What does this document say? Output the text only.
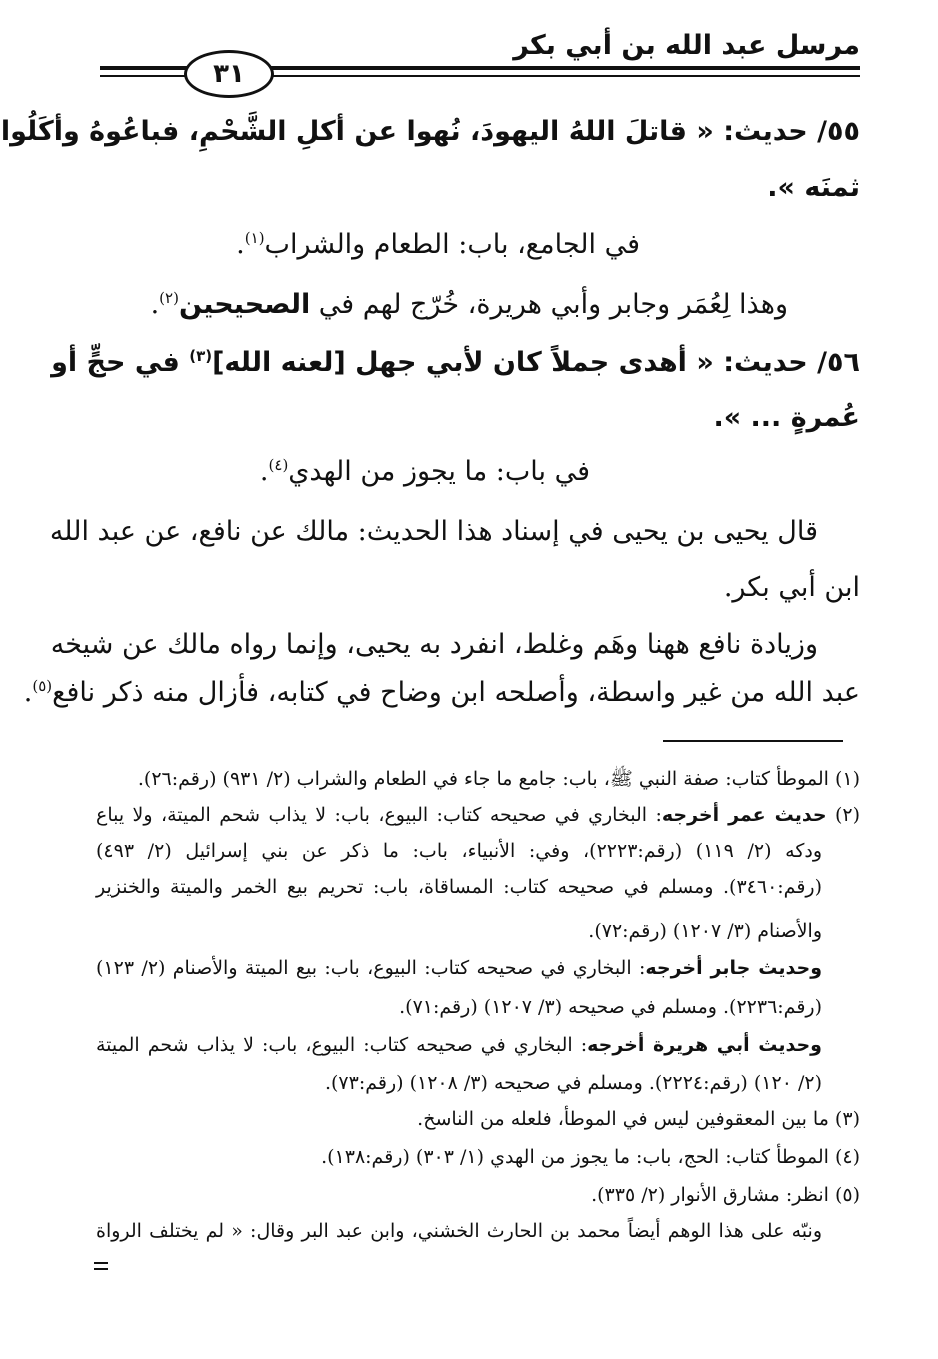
مرسل عبد الله بن أبي بكر
٣١
٥٥/ حديث: « قاتلَ اللهُ اليهودَ، نُهوا عن أكلِ الشَّحْمِ، فباعُوهُ وأكَلُوا
ثمنَه ».
في الجامع، باب: الطعام والشراب$^{(١)}$.
وهذا لِعُمَر وجابر وأبي هريرة، خُرّج لهم في الصحيحين$^{(٢)}$.
٥٦/ حديث: « أهدى جملاً كان لأبي جهل [لعنه الله]$^{(٣)}$ في حجٍّ أو
عُمرةٍ ... ».
في باب: ما يجوز من الهدي$^{(٤)}$.
قال يحيى بن يحيى في إسناد هذا الحديث: مالك عن نافع، عن عبد الله
ابن أبي بكر.
وزيادة نافع ههنا وهَم وغلط، انفرد به يحيى، وإنما رواه مالك عن شيخه
عبد الله من غير واسطة، وأصلحه ابن وضاح في كتابه، فأزال منه ذكر نافع$^{(٥)}$.
(١) الموطأ كتاب: صفة النبي ﷺ، باب: جامع ما جاء في الطعام والشراب (٢/ ٩٣١) (رقم:٢٦).
(٢) حديث عمر أخرجه: البخاري في صحيحه كتاب: البيوع، باب: لا يذاب شحم الميتة، ولا يباع
ودكه (٢/ ١١٩) (رقم:٢٢٢٣)، وفي: الأنبياء، باب: ما ذكر عن بني إسرائيل (٢/ ٤٩٣)
(رقم:٣٤٦٠). ومسلم في صحيحه كتاب: المساقاة، باب: تحريم بيع الخمر والميتة والخنزير
والأصنام (٣/ ١٢٠٧) (رقم:٧٢).
وحديث جابر أخرجه: البخاري في صحيحه كتاب: البيوع، باب: بيع الميتة والأصنام (٢/ ١٢٣)
(رقم:٢٢٣٦). ومسلم في صحيحه (٣/ ١٢٠٧) (رقم:٧١).
وحديث أبي هريرة أخرجه: البخاري في صحيحه كتاب: البيوع، باب: لا يذاب شحم الميتة
(٢/ ١٢٠) (رقم:٢٢٢٤). ومسلم في صحيحه (٣/ ١٢٠٨) (رقم:٧٣).
(٣) ما بين المعقوفين ليس في الموطأ، فلعله من الناسخ.
(٤) الموطأ كتاب: الحج، باب: ما يجوز من الهدي (١/ ٣٠٣) (رقم:١٣٨).
(٥) انظر: مشارق الأنوار (٢/ ٣٣٥).
ونبّه على هذا الوهم أيضاً محمد بن الحارث الخشني، وابن عبد البر وقال: « لم يختلف الرواة
